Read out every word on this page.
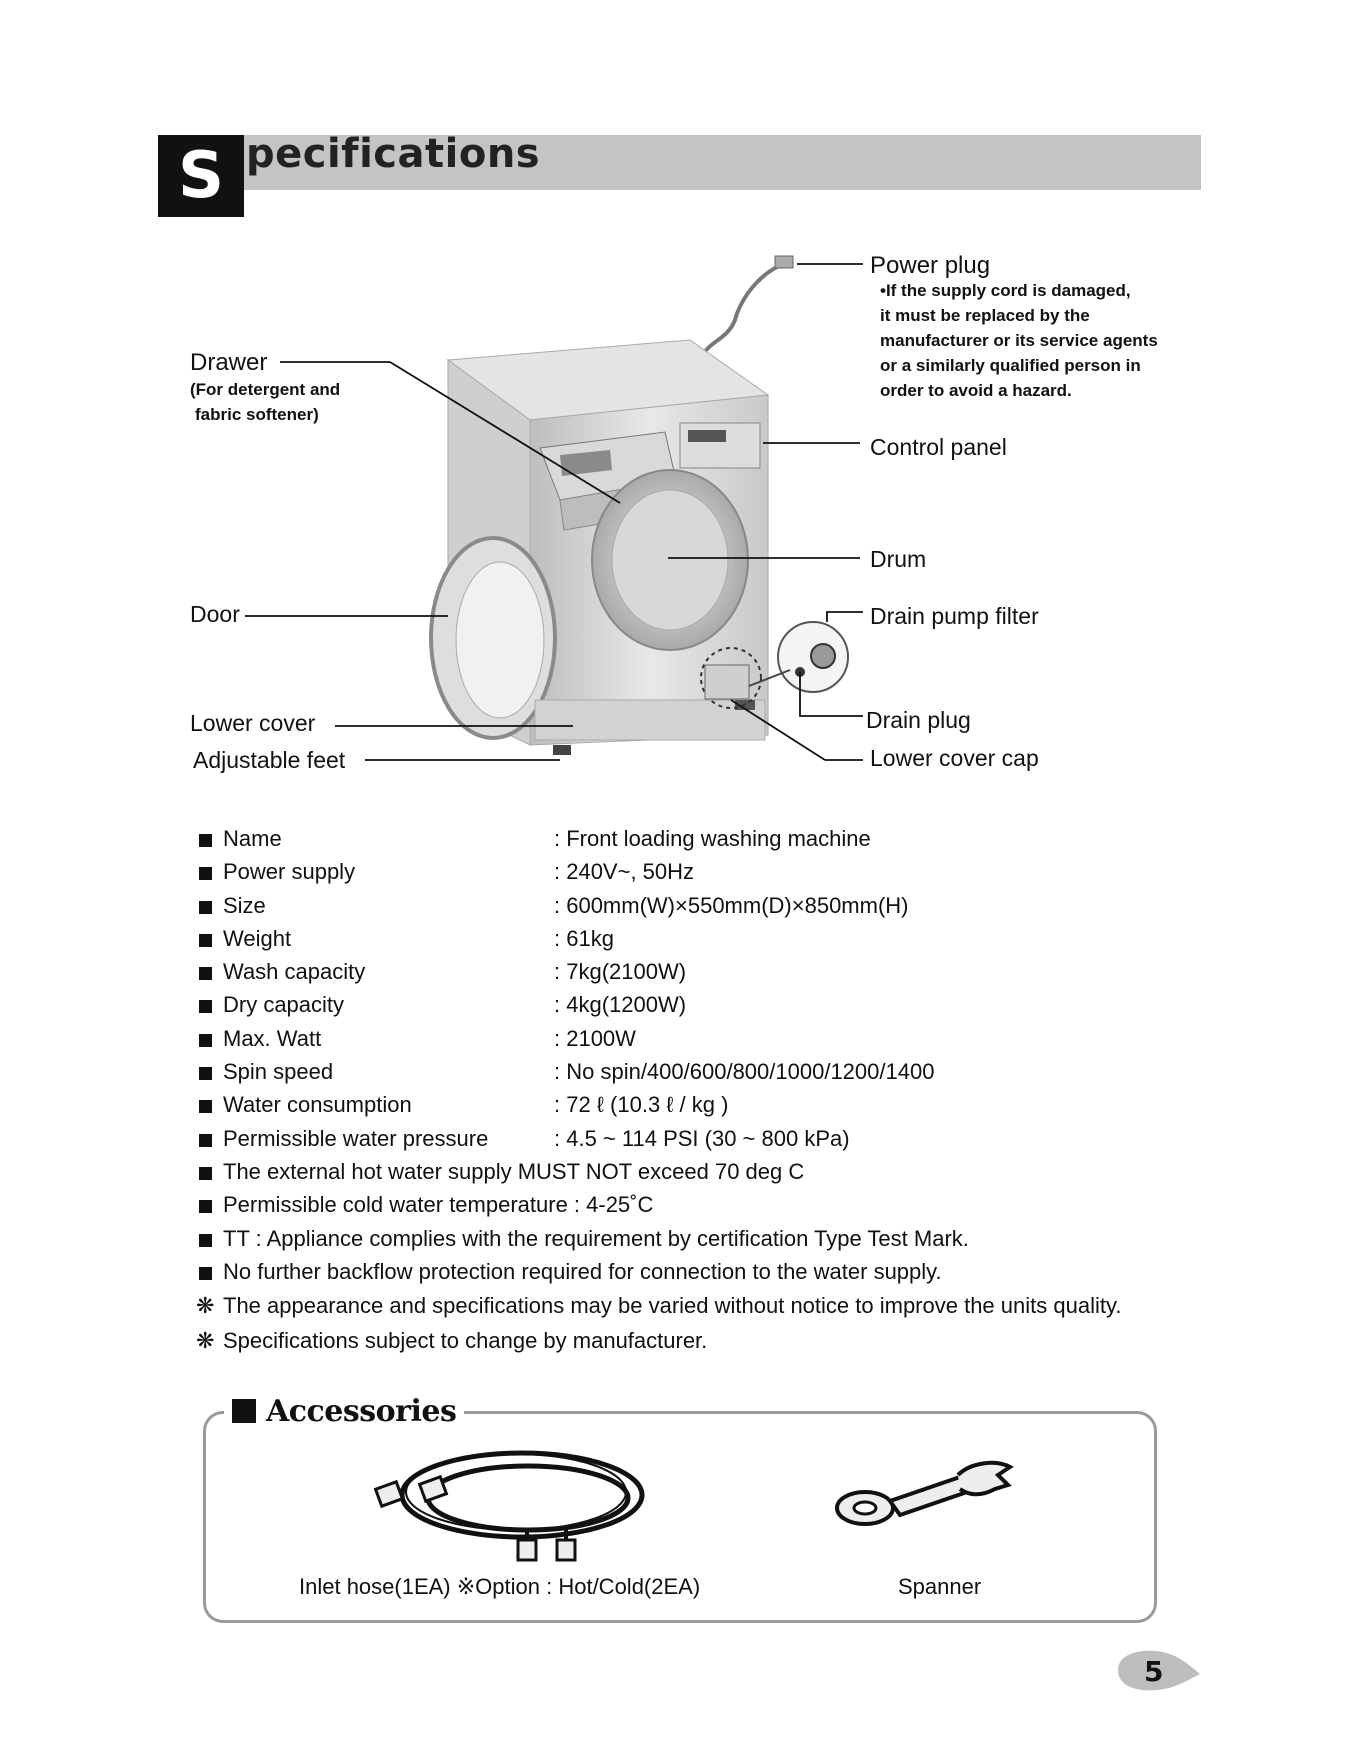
S pecifications
Power plug
•If the supply cord is damaged,
it must be replaced by the
manufacturer or its service agents
or a similarly qualified person in
order to avoid a hazard.
Drawer
(For detergent and
fabric softener)
Control panel
Drum
Door	Drain pump filter
Drain plug
Lower cover
Adjustable feet	Lower cover cap
Name	: Front loading washing machine
Power supply	: 240V~, 50Hz
Size	: 600mm(W)×550mm(D)×850mm(H)
Weight	: 61kg
Wash capacity	: 7kg(2100W)
Dry capacity	: 4kg(1200W)
Max. Watt	: 2100W
Spin speed	: No spin/400/600/800/1000/1200/1400
Water consumption	: 72 ℓ (10.3 ℓ / kg )
Permissible water pressure	: 4.5 ~ 114 PSI (30 ~ 800 kPa)
The external hot water supply MUST NOT exceed 70 deg C
Permissible cold water temperature : 4-25˚C
TT : Appliance complies with the requirement by certification Type Test Mark.
No further backflow protection required for connection to the water supply.
❋ The appearance and specifications may be varied without notice to improve the units quality.
❋ Specifications subject to change by manufacturer.
Accessories
Inlet hose(1EA) ※Option : Hot/Cold(2EA)	Spanner
5
